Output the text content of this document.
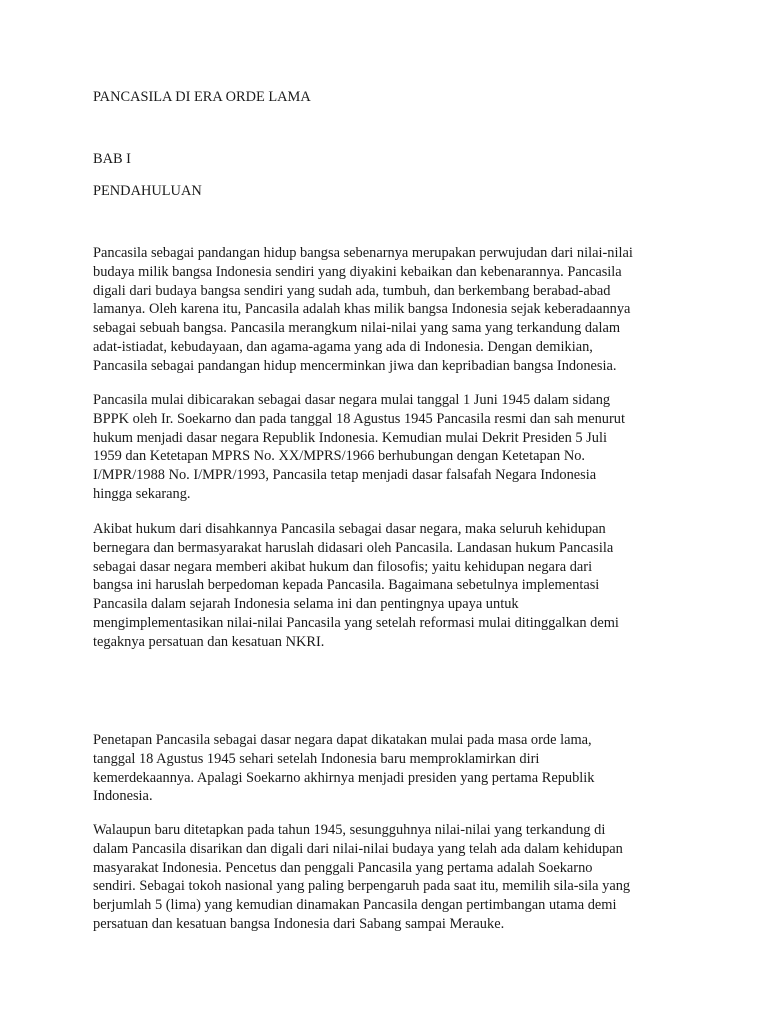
PANCASILA DI ERA ORDE LAMA

BAB I

PENDAHULUAN

Pancasila sebagai pandangan hidup bangsa sebenarnya merupakan perwujudan dari nilai-nilai
budaya milik bangsa Indonesia sendiri yang diyakini kebaikan dan kebenarannya. Pancasila
digali dari budaya bangsa sendiri yang sudah ada, tumbuh, dan berkembang berabad-abad
lamanya. Oleh karena itu, Pancasila adalah khas milik bangsa Indonesia sejak keberadaannya
sebagai sebuah bangsa. Pancasila merangkum nilai-nilai yang sama yang terkandung dalam
adat-istiadat, kebudayaan, dan agama-agama yang ada di Indonesia. Dengan demikian,
Pancasila sebagai pandangan hidup mencerminkan jiwa dan kepribadian bangsa Indonesia.

Pancasila mulai dibicarakan sebagai dasar negara mulai tanggal 1 Juni 1945 dalam sidang
BPPK oleh Ir. Soekarno dan pada tanggal 18 Agustus 1945 Pancasila resmi dan sah menurut
hukum menjadi dasar negara Republik Indonesia. Kemudian mulai Dekrit Presiden 5 Juli
1959 dan Ketetapan MPRS No. XX/MPRS/1966 berhubungan dengan Ketetapan No.
I/MPR/1988 No. I/MPR/1993, Pancasila tetap menjadi dasar falsafah Negara Indonesia
hingga sekarang.

Akibat hukum dari disahkannya Pancasila sebagai dasar negara, maka seluruh kehidupan
bernegara dan bermasyarakat haruslah didasari oleh Pancasila. Landasan hukum Pancasila
sebagai dasar negara memberi akibat hukum dan filosofis; yaitu kehidupan negara dari
bangsa ini haruslah berpedoman kepada Pancasila. Bagaimana sebetulnya implementasi
Pancasila dalam sejarah Indonesia selama ini dan pentingnya upaya untuk
mengimplementasikan nilai-nilai Pancasila yang setelah reformasi mulai ditinggalkan demi
tegaknya persatuan dan kesatuan NKRI.

Penetapan Pancasila sebagai dasar negara dapat dikatakan mulai pada masa orde lama,
tanggal 18 Agustus 1945 sehari setelah Indonesia baru memproklamirkan diri
kemerdekaannya. Apalagi Soekarno akhirnya menjadi presiden yang pertama Republik
Indonesia.

Walaupun baru ditetapkan pada tahun 1945, sesungguhnya nilai-nilai yang terkandung di
dalam Pancasila disarikan dan digali dari nilai-nilai budaya yang telah ada dalam kehidupan
masyarakat Indonesia. Pencetus dan penggali Pancasila yang pertama adalah Soekarno
sendiri. Sebagai tokoh nasional yang paling berpengaruh pada saat itu, memilih sila-sila yang
berjumlah 5 (lima) yang kemudian dinamakan Pancasila dengan pertimbangan utama demi
persatuan dan kesatuan bangsa Indonesia dari Sabang sampai Merauke.
